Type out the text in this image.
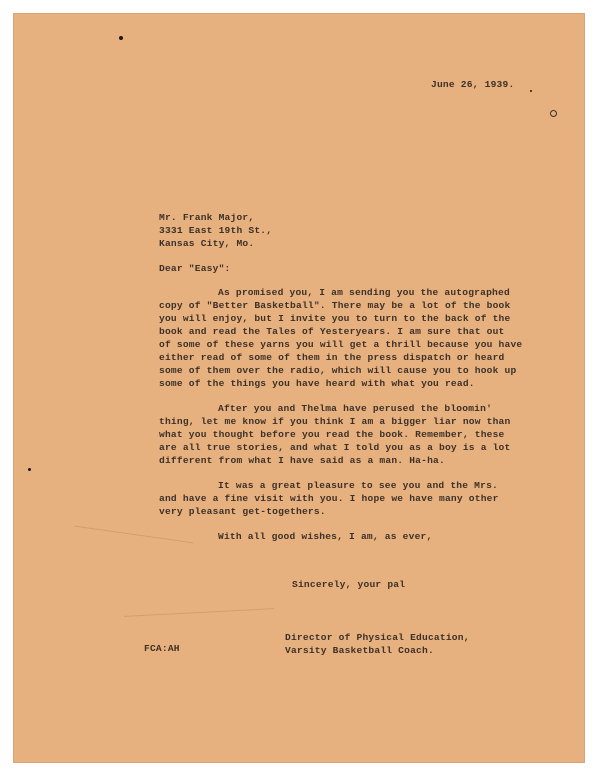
June 26, 1939.

Mr. Frank Major,

3331 East 19th St.,

Kansas City, Mo.

Dear "Easy":

As promised you, I am sending you the autographed

copy of "Better Basketball". There may be a lot of the book

you will enjoy, but I invite you to turn to the back of the

book and read the Tales of Yesteryears. I am sure that out

of some of these yarns you will get a thrill because you have

either read of some of them in the press dispatch or heard

some of them over the radio, which will cause you to hook up

some of the things you have heard with what you read.

After you and Thelma have perused the bloomin'

thing, let me know if you think I am a bigger liar now than

what you thought before you read the book. Remember, these

are all true stories, and what I told you as a boy is a lot

different from what I have said as a man. Ha-ha.

It was a great pleasure to see you and the Mrs.

and have a fine visit with you. I hope we have many other

very pleasant get-togethers.

With all good wishes, I am, as ever,

Sincerely, your pal

FCA:AH

Director of Physical Education,

Varsity Basketball Coach.
